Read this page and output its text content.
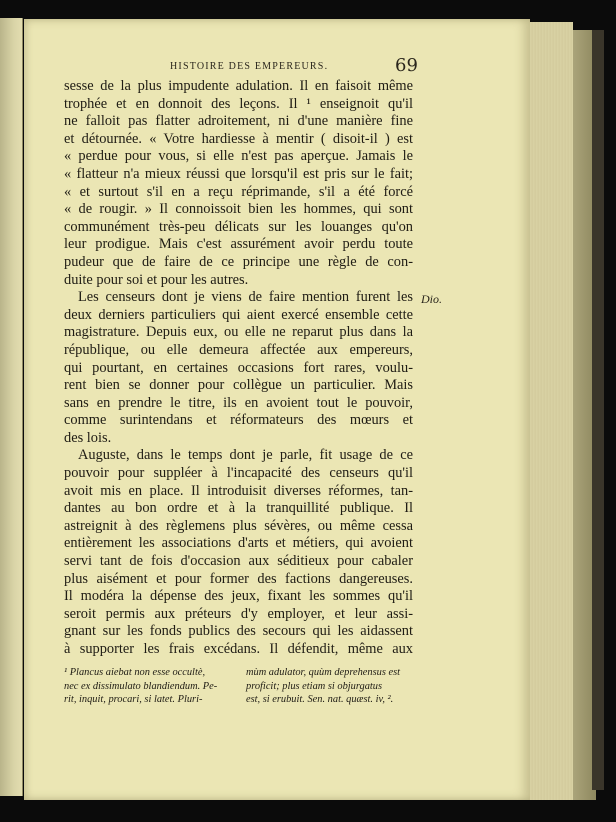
HISTOIRE DES EMPEREURS.	69
sesse de la plus impudente adulation. Il en faisoit même
trophée et en donnoit des leçons. Il ¹ enseignoit qu'il
ne falloit pas flatter adroitement, ni d'une manière fine
et détournée. « Votre hardiesse à mentir ( disoit-il ) est
« perdue pour vous, si elle n'est pas aperçue. Jamais le
« flatteur n'a mieux réussi que lorsqu'il est pris sur le fait;
« et surtout s'il en a reçu réprimande, s'il a été forcé
« de rougir. » Il connoissoit bien les hommes, qui sont
communément très-peu délicats sur les louanges qu'on
leur prodigue. Mais c'est assurément avoir perdu toute
pudeur que de faire de ce principe une règle de con-
duite pour soi et pour les autres.
Les censeurs dont je viens de faire mention furent les
deux derniers particuliers qui aient exercé ensemble cette
magistrature. Depuis eux, ou elle ne reparut plus dans la
république, ou elle demeura affectée aux empereurs,
qui pourtant, en certaines occasions fort rares, voulu-
rent bien se donner pour collègue un particulier. Mais
sans en prendre le titre, ils en avoient tout le pouvoir,
comme surintendans et réformateurs des mœurs et
des lois.
Auguste, dans le temps dont je parle, fit usage de ce
pouvoir pour suppléer à l'incapacité des censeurs qu'il
avoit mis en place. Il introduisit diverses réformes, tan-
dantes au bon ordre et à la tranquillité publique. Il
astreignit à des règlemens plus sévères, ou même cessa
entièrement les associations d'arts et métiers, qui avoient
servi tant de fois d'occasion aux séditieux pour cabaler
plus aisément et pour former des factions dangereuses.
Il modéra la dépense des jeux, fixant les sommes qu'il
seroit permis aux préteurs d'y employer, et leur assi-
gnant sur les fonds publics des secours qui les aidassent
à supporter les frais excédans. Il défendit, même aux
Dio.
¹ Plancus aiebat non esse occultè,
nec ex dissimulato blandiendum. Pe-
rit, inquit, procari, si latet. Pluri-
mùm adulator, quùm deprehensus est
proficit; plus etiam si objurgatus
est, si erubuit. Sen. nat. quæst. iv, ².
